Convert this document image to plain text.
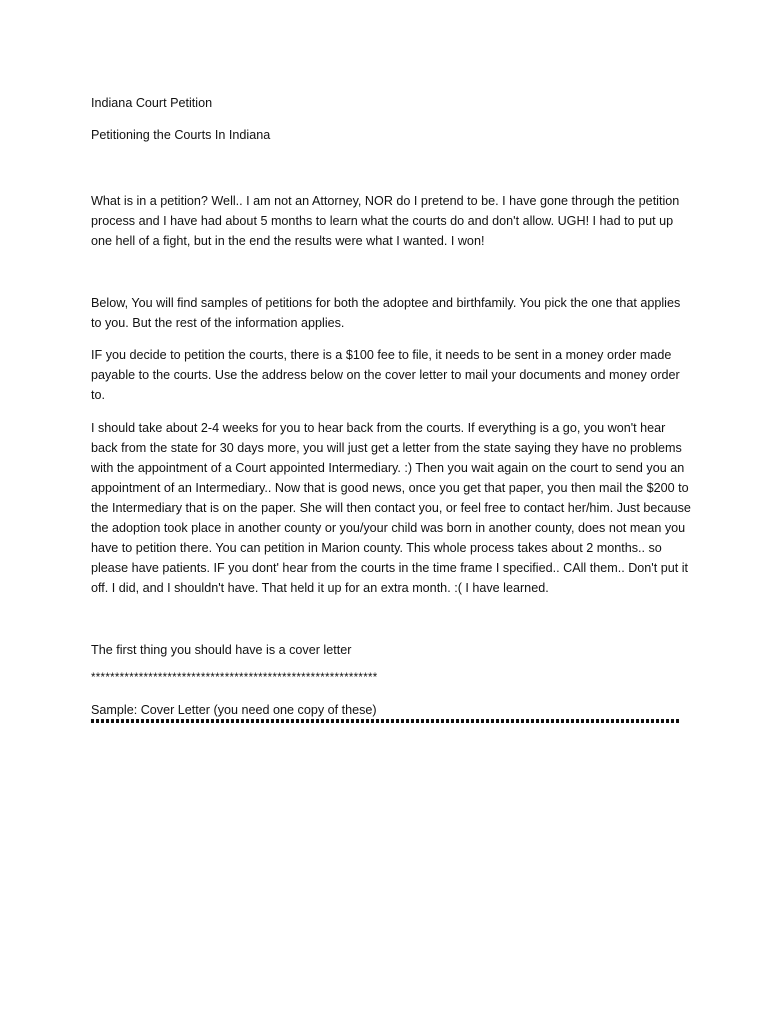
Indiana Court Petition

Petitioning the Courts In Indiana

What is in a petition? Well.. I am not an Attorney, NOR do I pretend to be. I have gone through the petition process and I have had about 5 months to learn what the courts do and don't allow. UGH! I had to put up one hell of a fight, but in the end the results were what I wanted. I won!

Below, You will find samples of petitions for both the adoptee and birthfamily. You pick the one that applies to you. But the rest of the information applies.

IF you decide to petition the courts, there is a $100 fee to file, it needs to be sent in a money order made payable to the courts. Use the address below on the cover letter to mail your documents and money order to.

I should take about 2-4 weeks for you to hear back from the courts. If everything is a go, you won't hear back from the state for 30 days more, you will just get a letter from the state saying they have no problems with the appointment of a Court appointed Intermediary. :) Then you wait again on the court to send you an appointment of an Intermediary.. Now that is good news, once you get that paper, you then mail the $200 to the Intermediary that is on the paper. She will then contact you, or feel free to contact her/him. Just because the adoption took place in another county or you/your child was born in another county, does not mean you have to petition there. You can petition in Marion county. This whole process takes about 2 months.. so please have patients. IF you dont' hear from the courts in the time frame I specified.. CAll them.. Don't put it off. I did, and I shouldn't have. That held it up for an extra month. :( I have learned.

The first thing you should have is a cover letter

************************************************************

Sample: Cover Letter (you need one copy of these)
